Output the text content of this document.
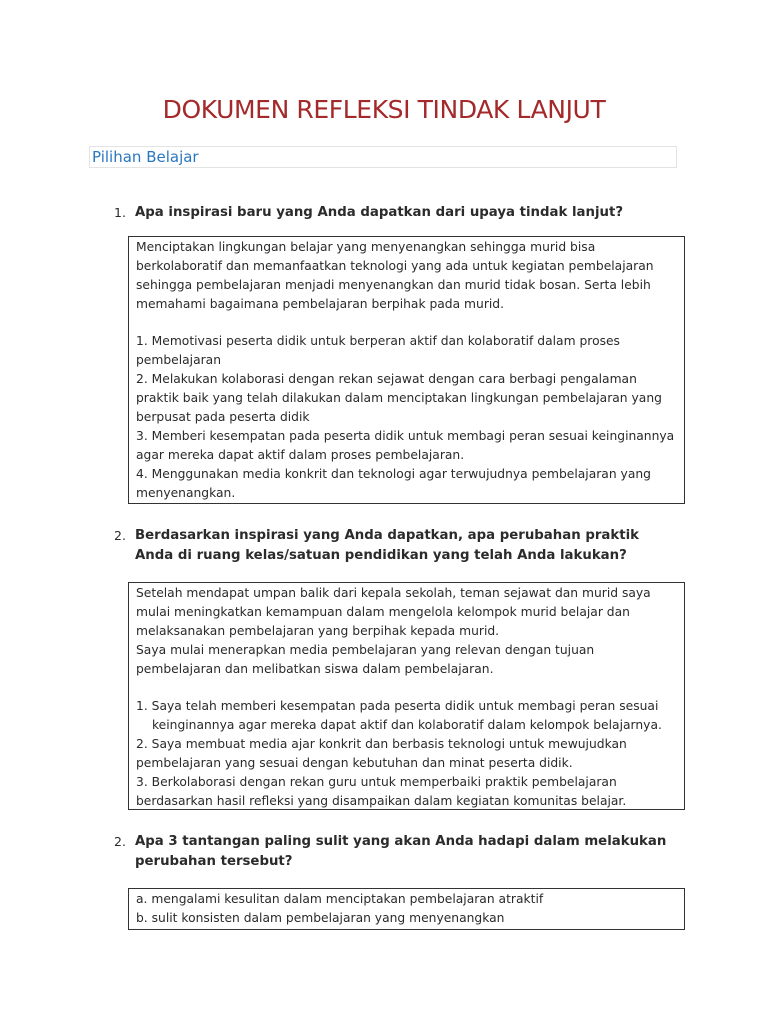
DOKUMEN REFLEKSI TINDAK LANJUT
Pilihan Belajar
1. Apa inspirasi baru yang Anda dapatkan dari upaya tindak lanjut?

Menciptakan lingkungan belajar yang menyenangkan sehingga murid bisa berkolaboratif dan memanfaatkan teknologi yang ada untuk kegiatan pembelajaran sehingga pembelajaran menjadi menyenangkan dan murid tidak bosan. Serta lebih memahami bagaimana pembelajaran berpihak pada murid.

1. Memotivasi peserta didik untuk berperan aktif dan kolaboratif dalam proses pembelajaran

2. Melakukan kolaborasi dengan rekan sejawat dengan cara berbagi pengalaman praktik baik yang telah dilakukan dalam menciptakan lingkungan pembelajaran yang berpusat pada peserta didik

3. Memberi kesempatan pada peserta didik untuk membagi peran sesuai keinginannya agar mereka dapat aktif dalam proses pembelajaran.

4. Menggunakan media konkrit dan teknologi agar terwujudnya pembelajaran yang menyenangkan.

2. Berdasarkan inspirasi yang Anda dapatkan, apa perubahan praktik Anda di ruang kelas/satuan pendidikan yang telah Anda lakukan?

Setelah mendapat umpan balik dari kepala sekolah, teman sejawat dan murid saya mulai meningkatkan kemampuan dalam mengelola kelompok murid belajar dan melaksanakan pembelajaran yang berpihak kepada murid.

Saya mulai menerapkan media pembelajaran yang relevan dengan tujuan pembelajaran dan melibatkan siswa dalam pembelajaran.

1. Saya telah memberi kesempatan pada peserta didik untuk membagi peran sesuai keinginannya agar mereka dapat aktif dan kolaboratif dalam kelompok belajarnya.

2. Saya membuat media ajar konkrit dan berbasis teknologi untuk mewujudkan pembelajaran yang sesuai dengan kebutuhan dan minat peserta didik.

3. Berkolaborasi dengan rekan guru untuk memperbaiki praktik pembelajaran berdasarkan hasil refleksi yang disampaikan dalam kegiatan komunitas belajar.

2. Apa 3 tantangan paling sulit yang akan Anda hadapi dalam melakukan perubahan tersebut?

a. mengalami kesulitan dalam menciptakan pembelajaran atraktif

b. sulit konsisten dalam pembelajaran yang menyenangkan
